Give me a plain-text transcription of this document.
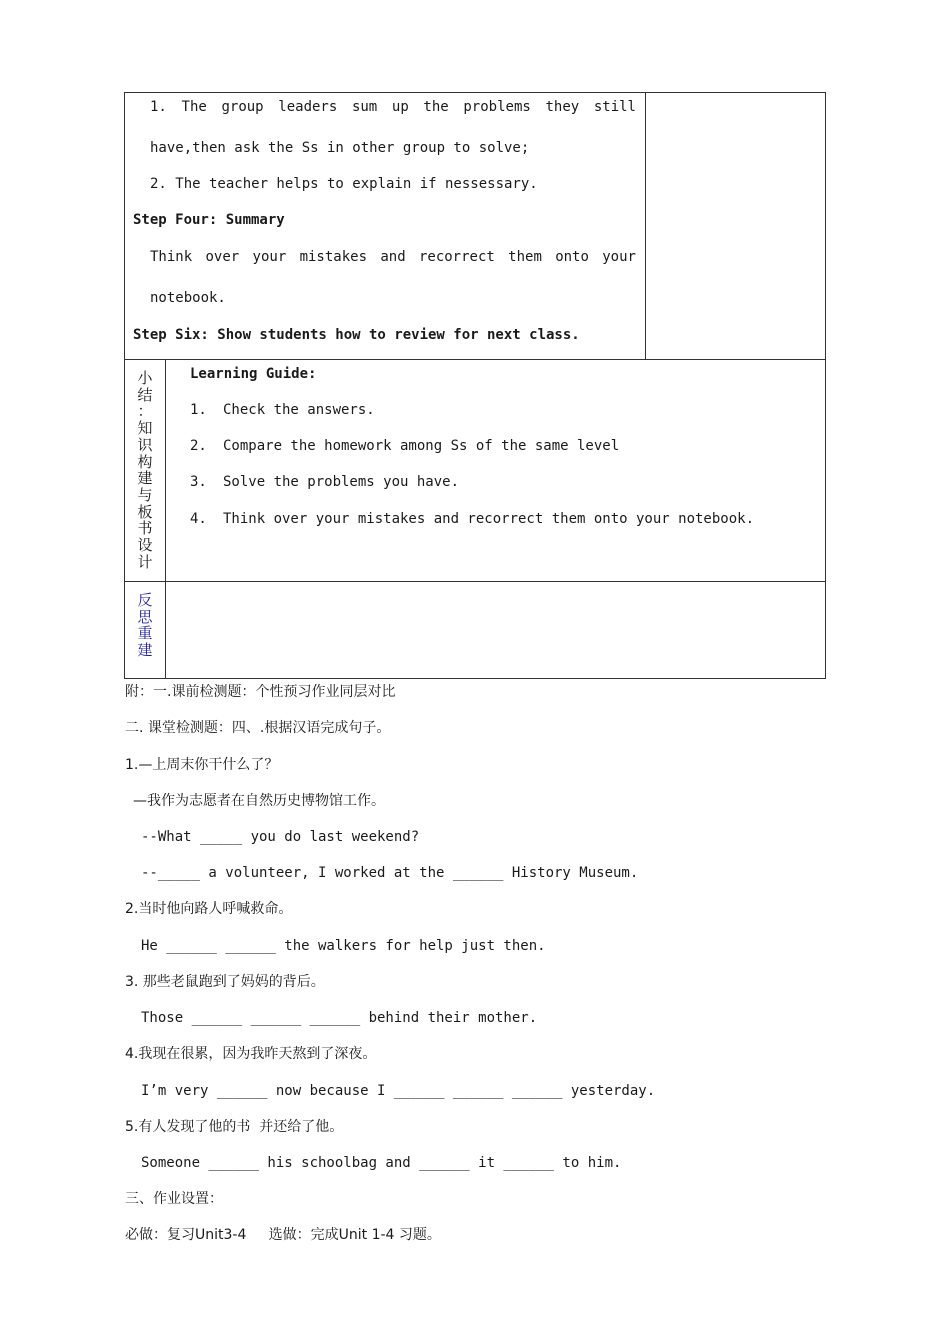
1. The group leaders sum up the problems they still
have,then ask the Ss in other group to solve;
2. The teacher helps to explain if nessessary.
Step Four: Summary
Think over your mistakes and recorrect them onto your
notebook.
Step Six: Show students how to review for next class.
小
结
：
知
识
构
建
与
板
书
设
计
Learning Guide:
1. Check the answers.
2. Compare the homework among Ss of the same level
3. Solve the problems you have.
4. Think over your mistakes and recorrect them onto your notebook.
反
思
重
建
附：一.课前检测题：个性预习作业同层对比
二. 课堂检测题：四、.根据汉语完成句子。
1.—上周末你干什么了？
—我作为志愿者在自然历史博物馆工作。
--What _____ you do last weekend?
--_____ a volunteer, I worked at the ______ History Museum.
2.当时他向路人呼喊救命。
He ______ ______ the walkers for help just then.
3. 那些老鼠跑到了妈妈的背后。
Those ______ ______ ______ behind their mother.
4.我现在很累，因为我昨天熬到了深夜。
I’m very ______ now because I ______ ______ ______ yesterday.
5.有人发现了他的书  并还给了他。
Someone ______ his schoolbag and ______ it ______ to him.
三、作业设置：
必做：复习Unit3-4     选做：完成Unit 1-4 习题。
